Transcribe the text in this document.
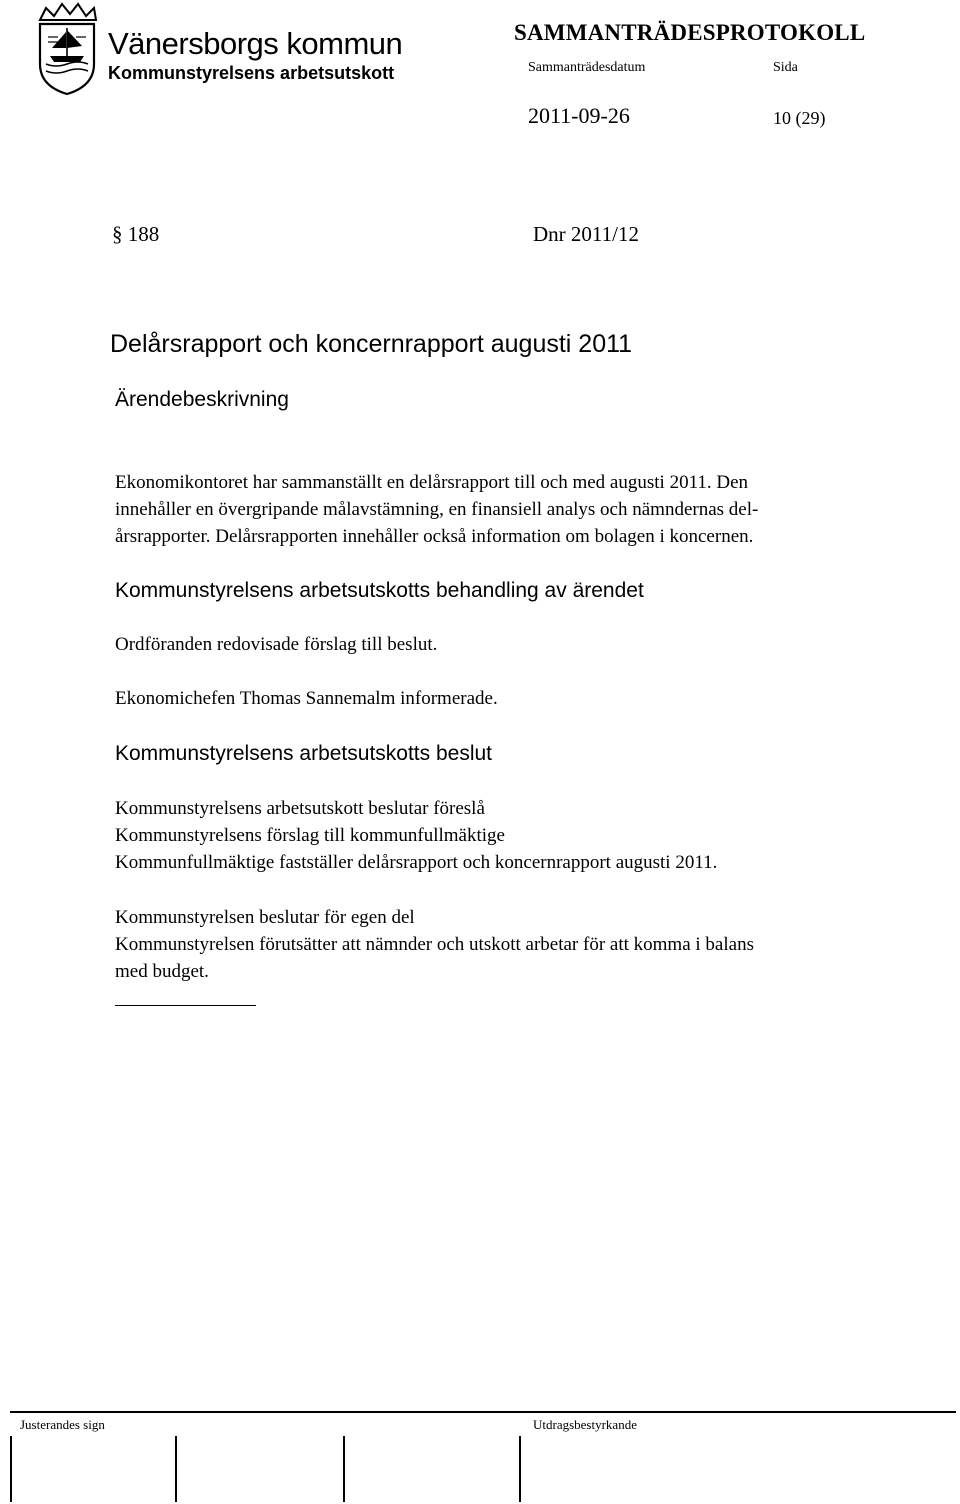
Vänersborgs kommun
Kommunstyrelsens arbetsutskott
SAMMANTRÄDESPROTOKOLL
Sammanträdesdatum	Sida
2011-09-26	10 (29)
§ 188	Dnr 2011/12
Delårsrapport och koncernrapport augusti 2011
Ärendebeskrivning
Ekonomikontoret har sammanställt en delårsrapport till och med augusti 2011. Den
innehåller en övergripande målavstämning, en finansiell analys och nämndernas del-
årsrapporter. Delårsrapporten innehåller också information om bolagen i koncernen.
Kommunstyrelsens arbetsutskotts behandling av ärendet
Ordföranden redovisade förslag till beslut.
Ekonomichefen Thomas Sannemalm informerade.
Kommunstyrelsens arbetsutskotts beslut
Kommunstyrelsens arbetsutskott beslutar föreslå
Kommunstyrelsens förslag till kommunfullmäktige
Kommunfullmäktige fastställer delårsrapport och koncernrapport augusti 2011.
Kommunstyrelsen beslutar för egen del
Kommunstyrelsen förutsätter att nämnder och utskott arbetar för att komma i balans
med budget.
Justerandes sign	Utdragsbestyrkande
